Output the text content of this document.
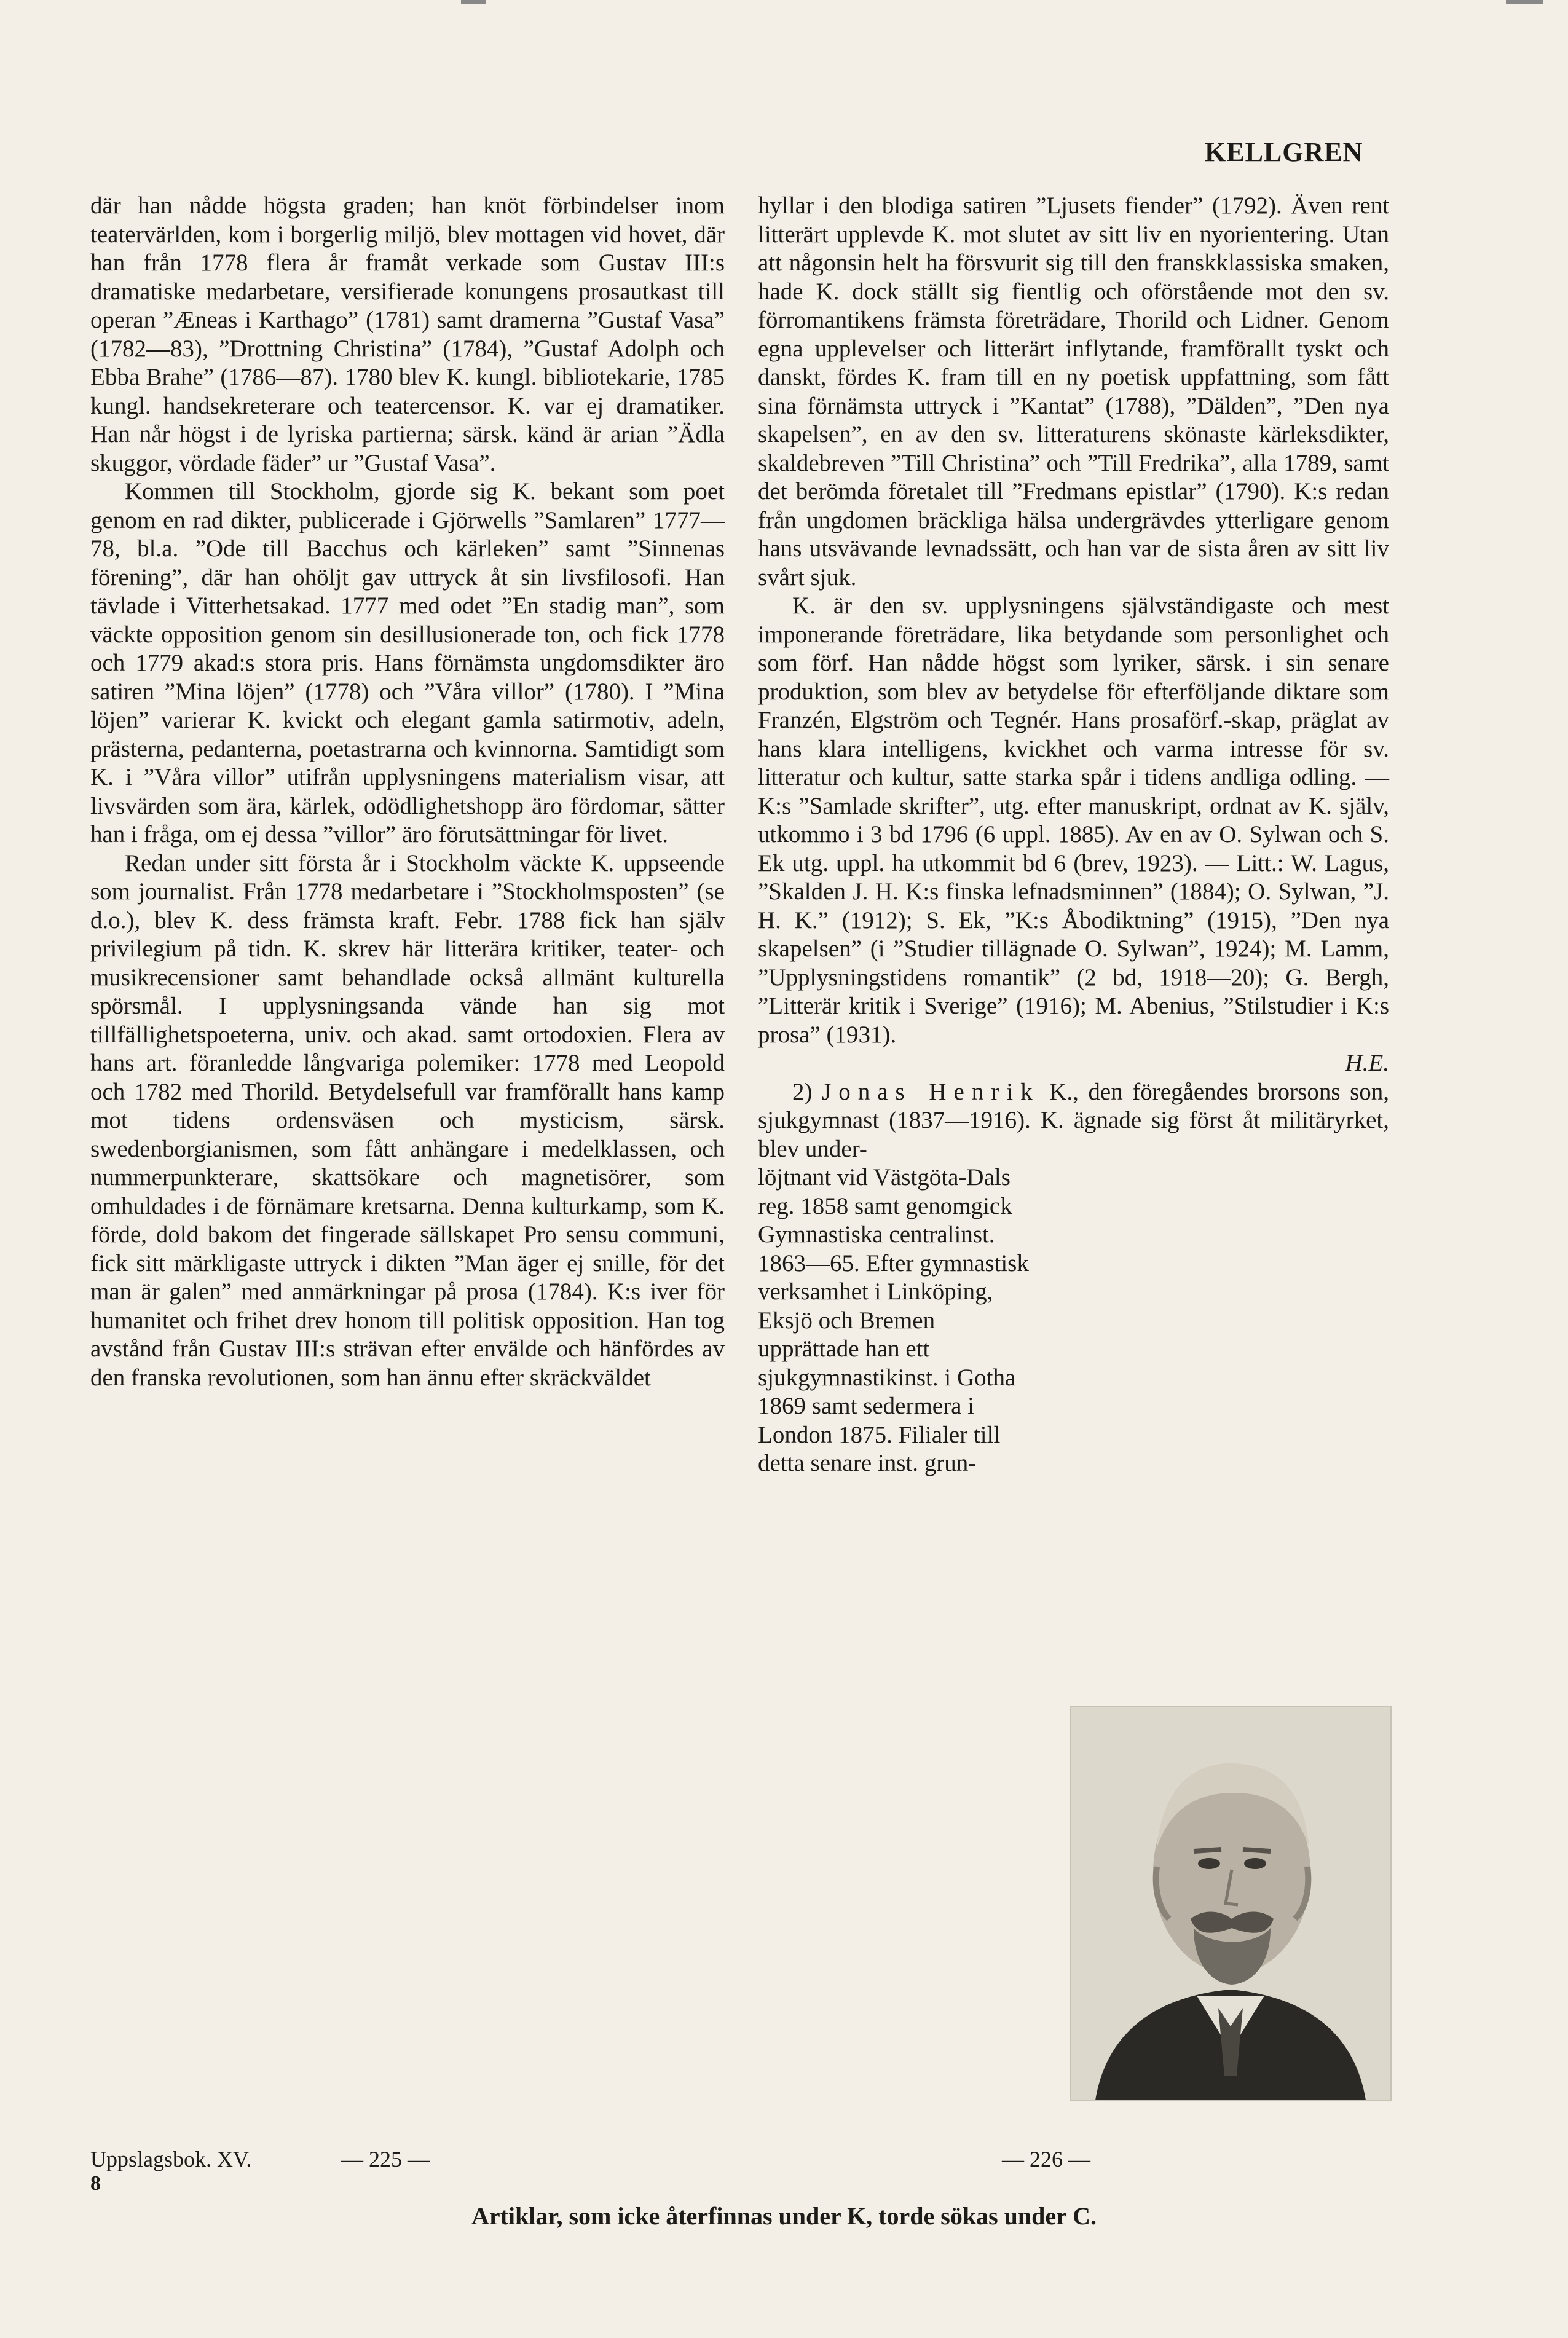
KELLGREN

där han nådde högsta graden; han knöt förbindelser inom teatervärlden, kom i borgerlig miljö, blev mottagen vid hovet, där han från 1778 flera år framåt verkade som Gustav III:s dramatiske medarbetare, versifierade konungens prosautkast till operan ”Æneas i Karthago” (1781) samt dramerna ”Gustaf Vasa” (1782—83), ”Drottning Christina” (1784), ”Gustaf Adolph och Ebba Brahe” (1786—87). 1780 blev K. kungl. bibliotekarie, 1785 kungl. handsekreterare och teatercensor. K. var ej dramatiker. Han når högst i de lyriska partierna; särsk. känd är arian ”Ädla skuggor, vördade fäder” ur ”Gustaf Vasa”.

Kommen till Stockholm, gjorde sig K. bekant som poet genom en rad dikter, publicerade i Gjörwells ”Samlaren” 1777—78, bl.a. ”Ode till Bacchus och kärleken” samt ”Sinnenas förening”, där han ohöljt gav uttryck åt sin livsfilosofi. Han tävlade i Vitterhetsakad. 1777 med odet ”En stadig man”, som väckte opposition genom sin desillusionerade ton, och fick 1778 och 1779 akad:s stora pris. Hans förnämsta ungdomsdikter äro satiren ”Mina löjen” (1778) och ”Våra villor” (1780). I ”Mina löjen” varierar K. kvickt och elegant gamla satirmotiv, adeln, prästerna, pedanterna, poetastrarna och kvinnorna. Samtidigt som K. i ”Våra villor” utifrån upplysningens materialism visar, att livsvärden som ära, kärlek, odödlighetshopp äro fördomar, sätter han i fråga, om ej dessa ”villor” äro förutsättningar för livet.

Redan under sitt första år i Stockholm väckte K. uppseende som journalist. Från 1778 medarbetare i ”Stockholmsposten” (se d.o.), blev K. dess främsta kraft. Febr. 1788 fick han själv privilegium på tidn. K. skrev här litterära kritiker, teater- och musikrecensioner samt behandlade också allmänt kulturella spörsmål. I upplysningsanda vände han sig mot tillfällighetspoeterna, univ. och akad. samt ortodoxien. Flera av hans art. föranledde långvariga polemiker: 1778 med Leopold och 1782 med Thorild. Betydelsefull var framförallt hans kamp mot tidens ordensväsen och mysticism, särsk. swedenborgianismen, som fått anhängare i medelklassen, och nummerpunkterare, skattsökare och magnetisörer, som omhuldades i de förnämare kretsarna. Denna kulturkamp, som K. förde, dold bakom det fingerade sällskapet Pro sensu communi, fick sitt märkligaste uttryck i dikten ”Man äger ej snille, för det man är galen” med anmärkningar på prosa (1784). K:s iver för humanitet och frihet drev honom till politisk opposition. Han tog avstånd från Gustav III:s strävan efter envälde och hänfördes av den franska revolutionen, som han ännu efter skräckväldet

hyllar i den blodiga satiren ”Ljusets fiender” (1792). Även rent litterärt upplevde K. mot slutet av sitt liv en nyorientering. Utan att någonsin helt ha försvurit sig till den franskklassiska smaken, hade K. dock ställt sig fientlig och oförstående mot den sv. förromantikens främsta företrädare, Thorild och Lidner. Genom egna upplevelser och litterärt inflytande, framförallt tyskt och danskt, fördes K. fram till en ny poetisk uppfattning, som fått sina förnämsta uttryck i ”Kantat” (1788), ”Dälden”, ”Den nya skapelsen”, en av den sv. litteraturens skönaste kärleksdikter, skaldebreven ”Till Christina” och ”Till Fredrika”, alla 1789, samt det berömda företalet till ”Fredmans epistlar” (1790). K:s redan från ungdomen bräckliga hälsa undergrävdes ytterligare genom hans utsvävande levnadssätt, och han var de sista åren av sitt liv svårt sjuk.

K. är den sv. upplysningens självständigaste och mest imponerande företrädare, lika betydande som personlighet och som förf. Han nådde högst som lyriker, särsk. i sin senare produktion, som blev av betydelse för efterföljande diktare som Franzén, Elgström och Tegnér. Hans prosaförf.-skap, präglat av hans klara intelligens, kvickhet och varma intresse för sv. litteratur och kultur, satte starka spår i tidens andliga odling. — K:s ”Samlade skrifter”, utg. efter manuskript, ordnat av K. själv, utkommo i 3 bd 1796 (6 uppl. 1885). Av en av O. Sylwan och S. Ek utg. uppl. ha utkommit bd 6 (brev, 1923). — Litt.: W. Lagus, ”Skalden J. H. K:s finska lefnadsminnen” (1884); O. Sylwan, ”J. H. K.” (1912); S. Ek, ”K:s Åbodiktning” (1915), ”Den nya skapelsen” (i ”Studier tillägnade O. Sylwan”, 1924); M. Lamm, ”Upplysningstidens romantik” (2 bd, 1918—20); G. Bergh, ”Litterär kritik i Sverige” (1916); M. Abenius, ”Stilstudier i K:s prosa” (1931).

H.E.

2) Jonas Henrik K., den föregåendes brorsons son, sjukgymnast (1837—1916). K. ägnade sig först åt militäryrket, blev under-

löjtnant vid Västgöta-Dals reg. 1858 samt genomgick Gymnastiska centralinst. 1863—65. Efter gymnastisk verksamhet i Linköping, Eksjö och Bremen upprättade han ett sjukgymnastikinst. i Gotha 1869 samt sedermera i London 1875. Filialer till detta senare inst. grun-

Uppslagsbok. XV.
8
— 225 —	— 226 —
Artiklar, som icke återfinnas under K, torde sökas under C.
